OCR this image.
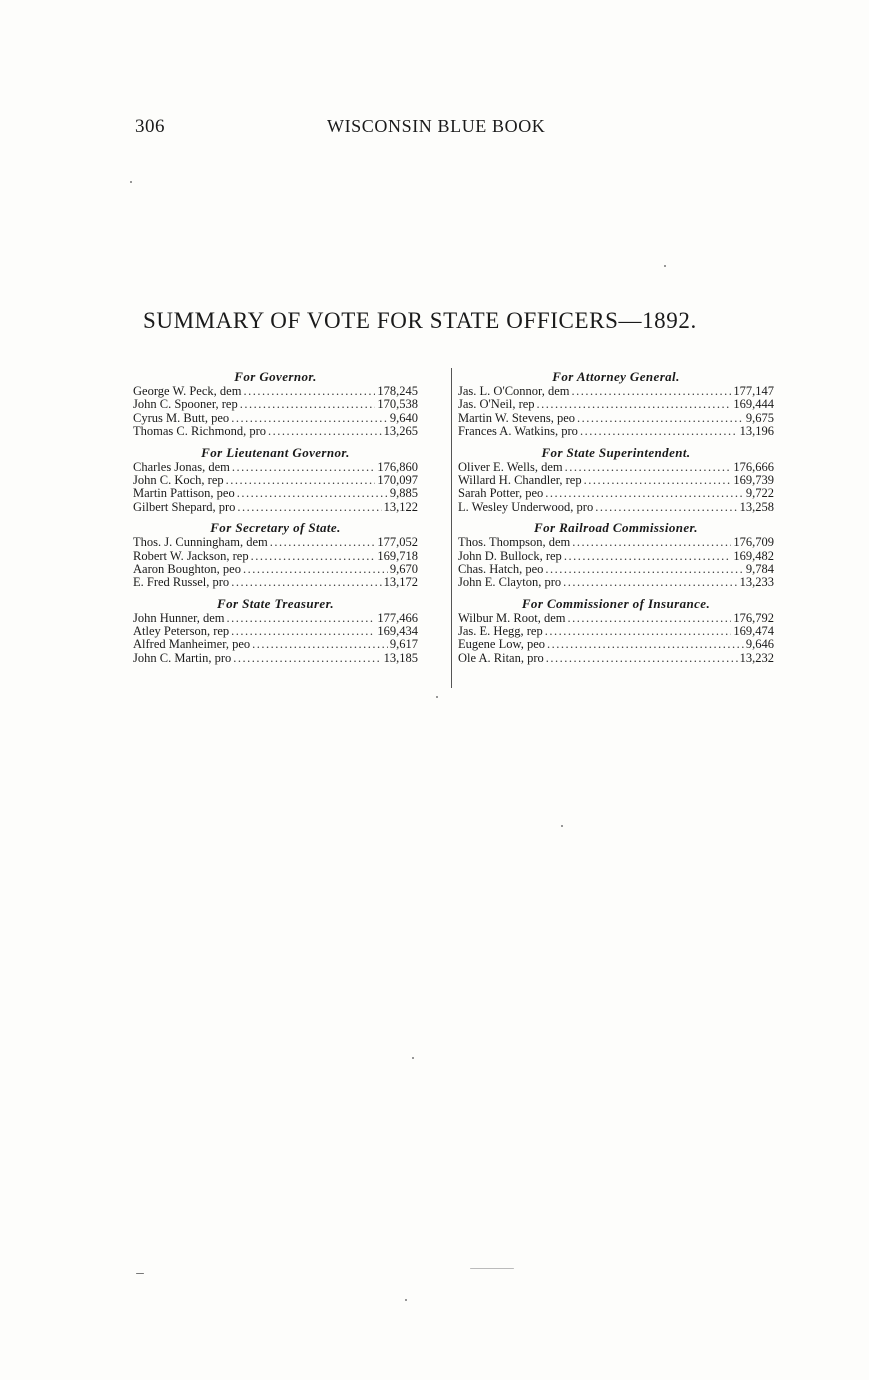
306	WISCONSIN BLUE BOOK
SUMMARY OF VOTE FOR STATE OFFICERS—1892.
For Governor.
George W. Peck, dem .....	178,245
John C. Spooner, rep .....	170,538
Cyrus M. Butt, peo .....	9,640
Thomas C. Richmond, pro .....	13,265
For Lieutenant Governor.
Charles Jonas, dem .....	176,860
John C. Koch, rep .....	170,097
Martin Pattison, peo .....	9,885
Gilbert Shepard, pro .....	13,122
For Secretary of State.
Thos. J. Cunningham, dem .....	177,052
Robert W. Jackson, rep .....	169,718
Aaron Boughton, peo .....	9,670
E. Fred Russel, pro .....	13,172
For State Treasurer.
John Hunner, dem .....	177,466
Atley Peterson, rep .....	169,434
Alfred Manheimer, peo .....	9,617
John C. Martin, pro .....	13,185
For Attorney General.
Jas. L. O'Connor, dem .....	177,147
Jas. O'Neil, rep .....	169,444
Martin W. Stevens, peo .....	9,675
Frances A. Watkins, pro .....	13,196
For State Superintendent.
Oliver E. Wells, dem .....	176,666
Willard H. Chandler, rep .....	169,739
Sarah Potter, peo .....	9,722
L. Wesley Underwood, pro .....	13,258
For Railroad Commissioner.
Thos. Thompson, dem .....	176,709
John D. Bullock, rep .....	169,482
Chas. Hatch, peo .....	9,784
John E. Clayton, pro .....	13,233
For Commissioner of Insurance.
Wilbur M. Root, dem .....	176,792
Jas. E. Hegg, rep .....	169,474
Eugene Low, peo .....	9,646
Ole A. Ritan, pro .....	13,232
